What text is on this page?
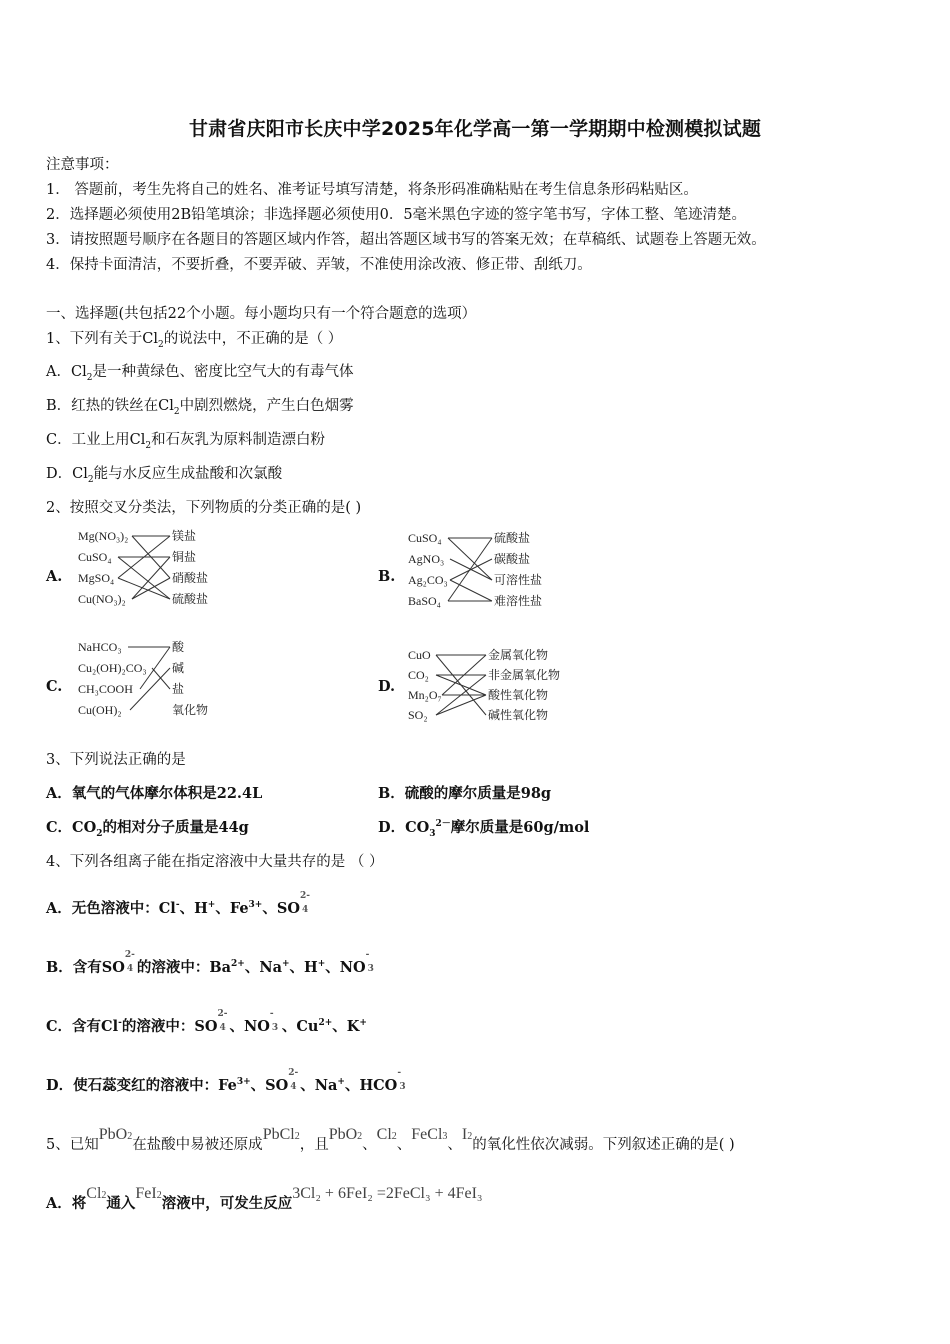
甘肃省庆阳市长庆中学2025年化学高一第一学期期中检测模拟试题
注意事项：
1． 答题前，考生先将自己的姓名、准考证号填写清楚，将条形码准确粘贴在考生信息条形码粘贴区。
2．选择题必须使用2B铅笔填涂；非选择题必须使用0．5毫米黑色字迹的签字笔书写，字体工整、笔迹清楚。
3．请按照题号顺序在各题目的答题区域内作答，超出答题区域书写的答案无效；在草稿纸、试题卷上答题无效。
4．保持卡面清洁，不要折叠，不要弄破、弄皱，不准使用涂改液、修正带、刮纸刀。
一、选择题(共包括22个小题。每小题均只有一个符合题意的选项）
1、下列有关于$Cl_2$的说法中，不正确的是（ ）
A．$Cl_2$是一种黄绿色、密度比空气大的有毒气体
B．红热的铁丝在$Cl_2$中剧烈燃烧，产生白色烟雾
C．工业上用$Cl_2$和石灰乳为原料制造漂白粉
D．$Cl_2$能与水反应生成盐酸和次氯酸
2、按照交叉分类法，下列物质的分类正确的是( )
A.
Mg(NO₃)₂
CuSO₄
MgSO₄
Cu(NO₃)₂
镁盐
铜盐
硝酸盐
硫酸盐
B.
CuSO₄
AgNO₃
Ag₂CO₃
BaSO₄
硫酸盐
碳酸盐
可溶性盐
难溶性盐
C.
NaHCO₃
Cu₂(OH)₂CO₃
CH₃COOH
Cu(OH)₂
酸
碱
盐
氧化物
D.
CuO
CO₂
Mn₂O₇
SO₂
金属氧化物
非金属氧化物
酸性氧化物
碱性氧化物
3、下列说法正确的是
A．氧气的气体摩尔体积是22.4L	B．硫酸的摩尔质量是98g
C．$CO_2$的相对分子质量是44g	D．$CO_3^{2-}$摩尔质量是60g/mol
4、下列各组离子能在指定溶液中大量共存的是 （ ）
A．无色溶液中：Cl-、H+、$Fe^{3+}$、SO
2-
4
B．含有SO
2-
4 的溶液中：$Ba^{2+}$、Na+、H+、NO
-
3
C．含有Cl-的溶液中：SO
2-
4 、NO
-
3 、$Cu^{2+}$、K+
D．使石蕊变红的溶液中：$Fe^{3+}$、SO
2-
4 、Na+、HCO
-
3
5、已知PbO2在盐酸中易被还原成PbCl2，且PbO2、Cl2、FeCl3、I2的氧化性依次减弱。下列叙述正确的是( )
A．将Cl2通入FeI2溶液中，可发生反应3Cl₂ + 6FeI₂ =2FeCl₃ + 4FeI₃
